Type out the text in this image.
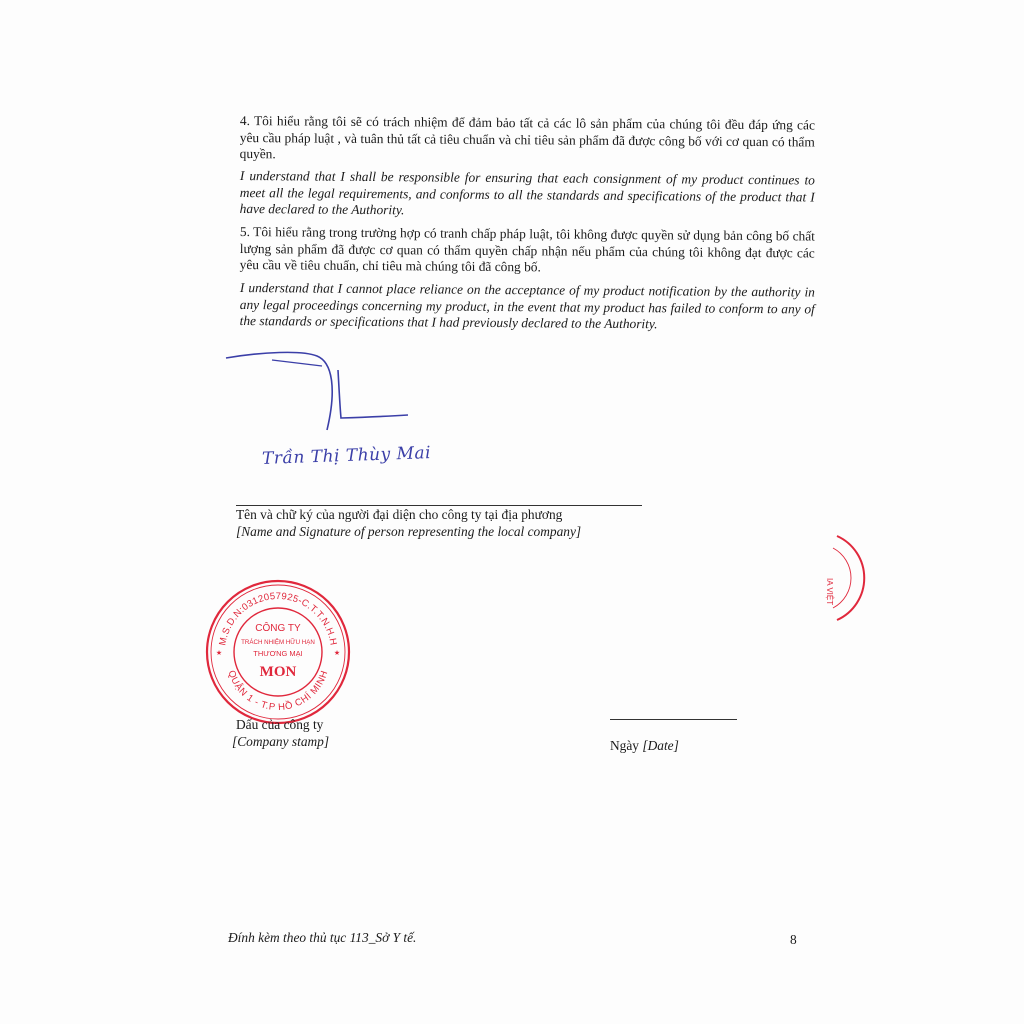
4. Tôi hiểu rằng tôi sẽ có trách nhiệm để đảm bảo tất cả các lô sản phẩm của chúng tôi đều đáp ứng các yêu cầu pháp luật , và tuân thủ tất cả tiêu chuẩn và chỉ tiêu sản phẩm đã được công bố với cơ quan có thẩm quyền.
I understand that I shall be responsible for ensuring that each consignment of my product continues to meet all the legal requirements, and conforms to all the standards and specifications of the product that I have declared to the Authority.
5. Tôi hiểu rằng trong trường hợp có tranh chấp pháp luật, tôi không được quyền sử dụng bản công bố chất lượng sản phẩm đã được cơ quan có thẩm quyền chấp nhận nếu phẩm của chúng tôi không đạt được các yêu cầu về tiêu chuẩn, chỉ tiêu mà chúng tôi đã công bố.
I understand that I cannot place reliance on the acceptance of my product notification by the authority in any legal proceedings concerning my product, in the event that my product has failed to conform to any of the standards or specifications that I had previously declared to the Authority.
Trần Thị Thùy Mai
Tên và chữ ký của người đại diện cho công ty tại địa phương
[Name and Signature of person representing the local company]
M.S.D.N:0312057925-C.T.T.N.H.H
QUẬN 1 - T.P HỒ CHÍ MINH
CÔNG TY
TRÁCH NHIỆM HỮU HẠN
THƯƠNG MẠI
MON
★	★
IA VIỆT
Dấu của công ty
[Company stamp]	Ngày [Date]
Đính kèm theo thủ tục 113_Sở Y tế.	8
